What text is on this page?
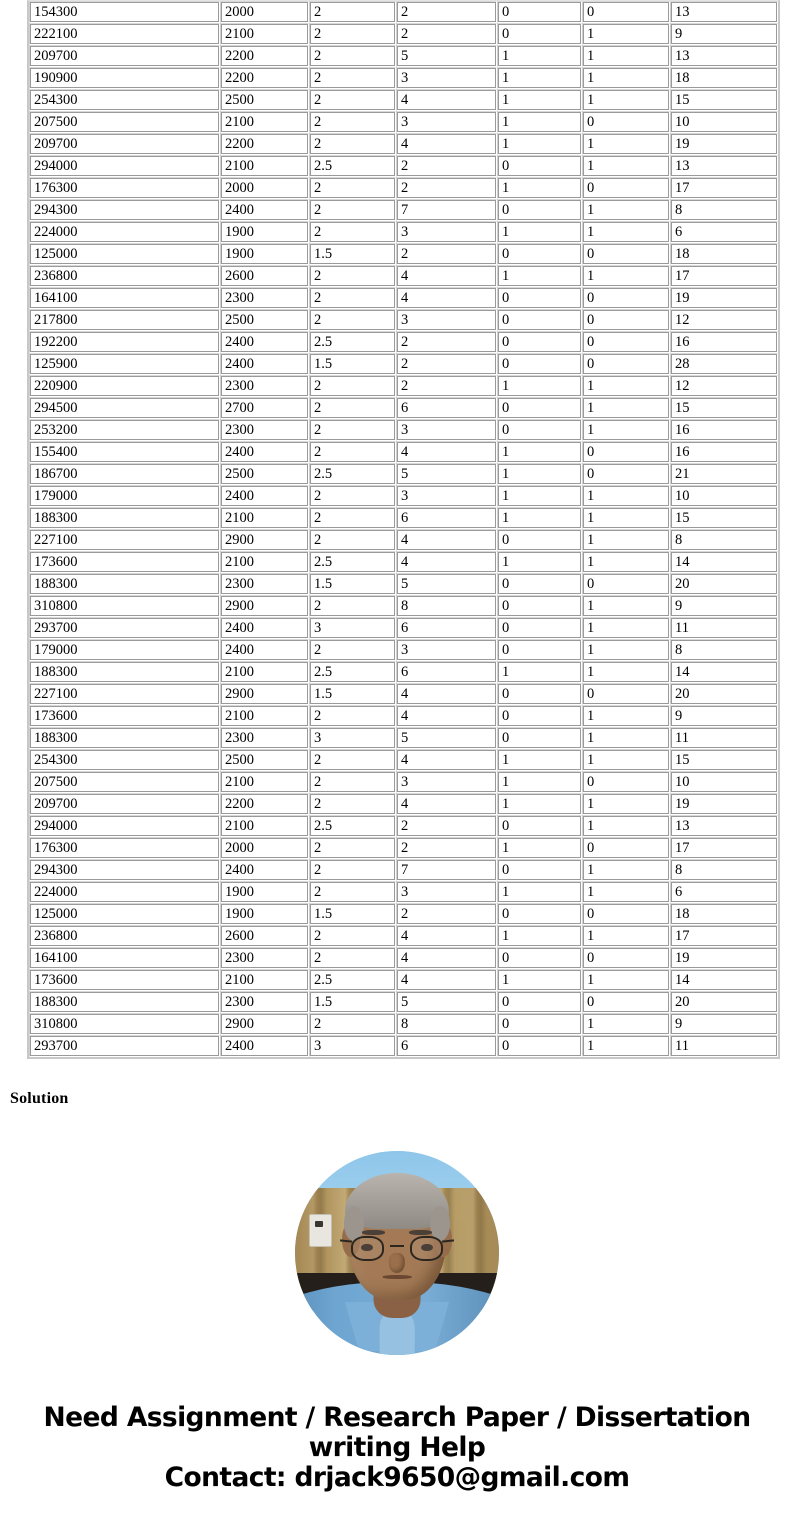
154300	2000	2	2	0	0	13
222100	2100	2	2	0	1	9
209700	2200	2	5	1	1	13
190900	2200	2	3	1	1	18
254300	2500	2	4	1	1	15
207500	2100	2	3	1	0	10
209700	2200	2	4	1	1	19
294000	2100	2.5	2	0	1	13
176300	2000	2	2	1	0	17
294300	2400	2	7	0	1	8
224000	1900	2	3	1	1	6
125000	1900	1.5	2	0	0	18
236800	2600	2	4	1	1	17
164100	2300	2	4	0	0	19
217800	2500	2	3	0	0	12
192200	2400	2.5	2	0	0	16
125900	2400	1.5	2	0	0	28
220900	2300	2	2	1	1	12
294500	2700	2	6	0	1	15
253200	2300	2	3	0	1	16
155400	2400	2	4	1	0	16
186700	2500	2.5	5	1	0	21
179000	2400	2	3	1	1	10
188300	2100	2	6	1	1	15
227100	2900	2	4	0	1	8
173600	2100	2.5	4	1	1	14
188300	2300	1.5	5	0	0	20
310800	2900	2	8	0	1	9
293700	2400	3	6	0	1	11
179000	2400	2	3	0	1	8
188300	2100	2.5	6	1	1	14
227100	2900	1.5	4	0	0	20
173600	2100	2	4	0	1	9
188300	2300	3	5	0	1	11
254300	2500	2	4	1	1	15
207500	2100	2	3	1	0	10
209700	2200	2	4	1	1	19
294000	2100	2.5	2	0	1	13
176300	2000	2	2	1	0	17
294300	2400	2	7	0	1	8
224000	1900	2	3	1	1	6
125000	1900	1.5	2	0	0	18
236800	2600	2	4	1	1	17
164100	2300	2	4	0	0	19
173600	2100	2.5	4	1	1	14
188300	2300	1.5	5	0	0	20
310800	2900	2	8	0	1	9
293700	2400	3	6	0	1	11
Solution
Need Assignment / Research Paper / Dissertation
writing Help
Contact: drjack9650@gmail.com
